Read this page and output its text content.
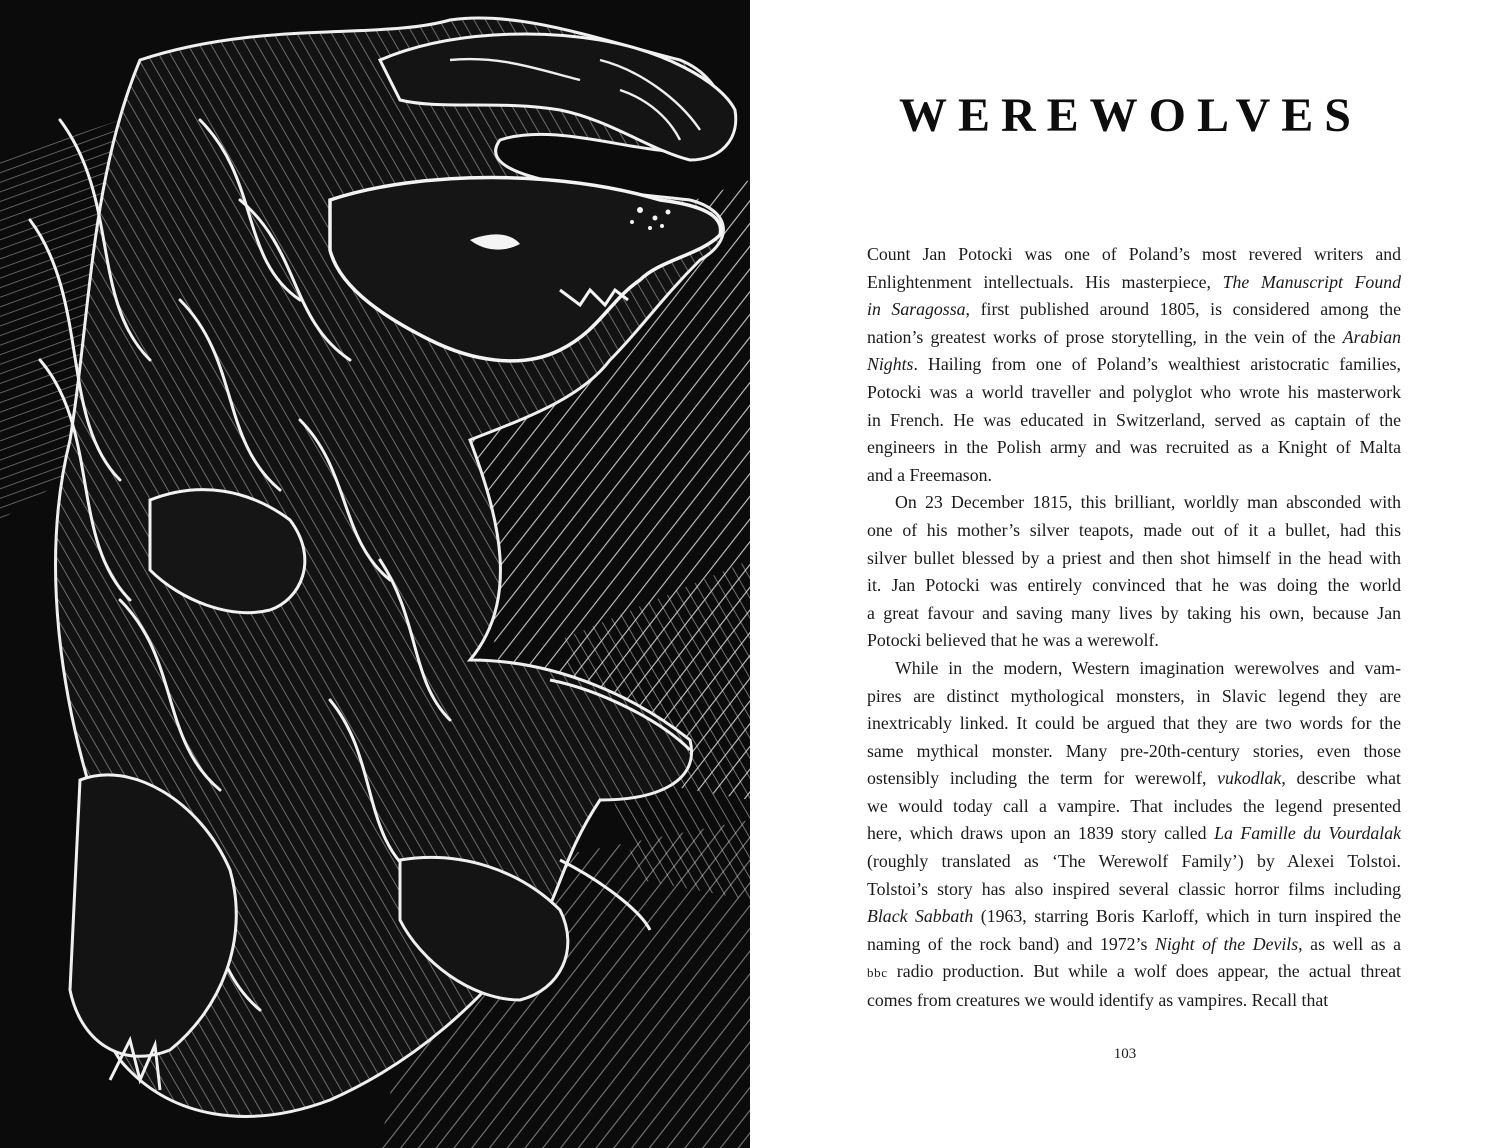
WEREWOLVES

Count Jan Potocki was one of Poland’s most revered writers and
Enlightenment intellectuals. His masterpiece, The Manuscript Found
in Saragossa, first published around 1805, is considered among the
nation’s greatest works of prose storytelling, in the vein of the Arabian
Nights. Hailing from one of Poland’s wealthiest aristocratic families,
Potocki was a world traveller and polyglot who wrote his masterwork
in French. He was educated in Switzerland, served as captain of the
engineers in the Polish army and was recruited as a Knight of Malta
and a Freemason.

On 23 December 1815, this brilliant, worldly man absconded with
one of his mother’s silver teapots, made out of it a bullet, had this
silver bullet blessed by a priest and then shot himself in the head with
it. Jan Potocki was entirely convinced that he was doing the world
a great favour and saving many lives by taking his own, because Jan
Potocki believed that he was a werewolf.

While in the modern, Western imagination werewolves and vam-
pires are distinct mythological monsters, in Slavic legend they are
inextricably linked. It could be argued that they are two words for the
same mythical monster. Many pre-20th-century stories, even those
ostensibly including the term for werewolf, vukodlak, describe what
we would today call a vampire. That includes the legend presented
here, which draws upon an 1839 story called La Famille du Vourdalak
(roughly translated as ‘The Werewolf Family’) by Alexei Tolstoi.
Tolstoi’s story has also inspired several classic horror films including
Black Sabbath (1963, starring Boris Karloff, which in turn inspired the
naming of the rock band) and 1972’s Night of the Devils, as well as a
bbc radio production. But while a wolf does appear, the actual threat
comes from creatures we would identify as vampires. Recall that

103
